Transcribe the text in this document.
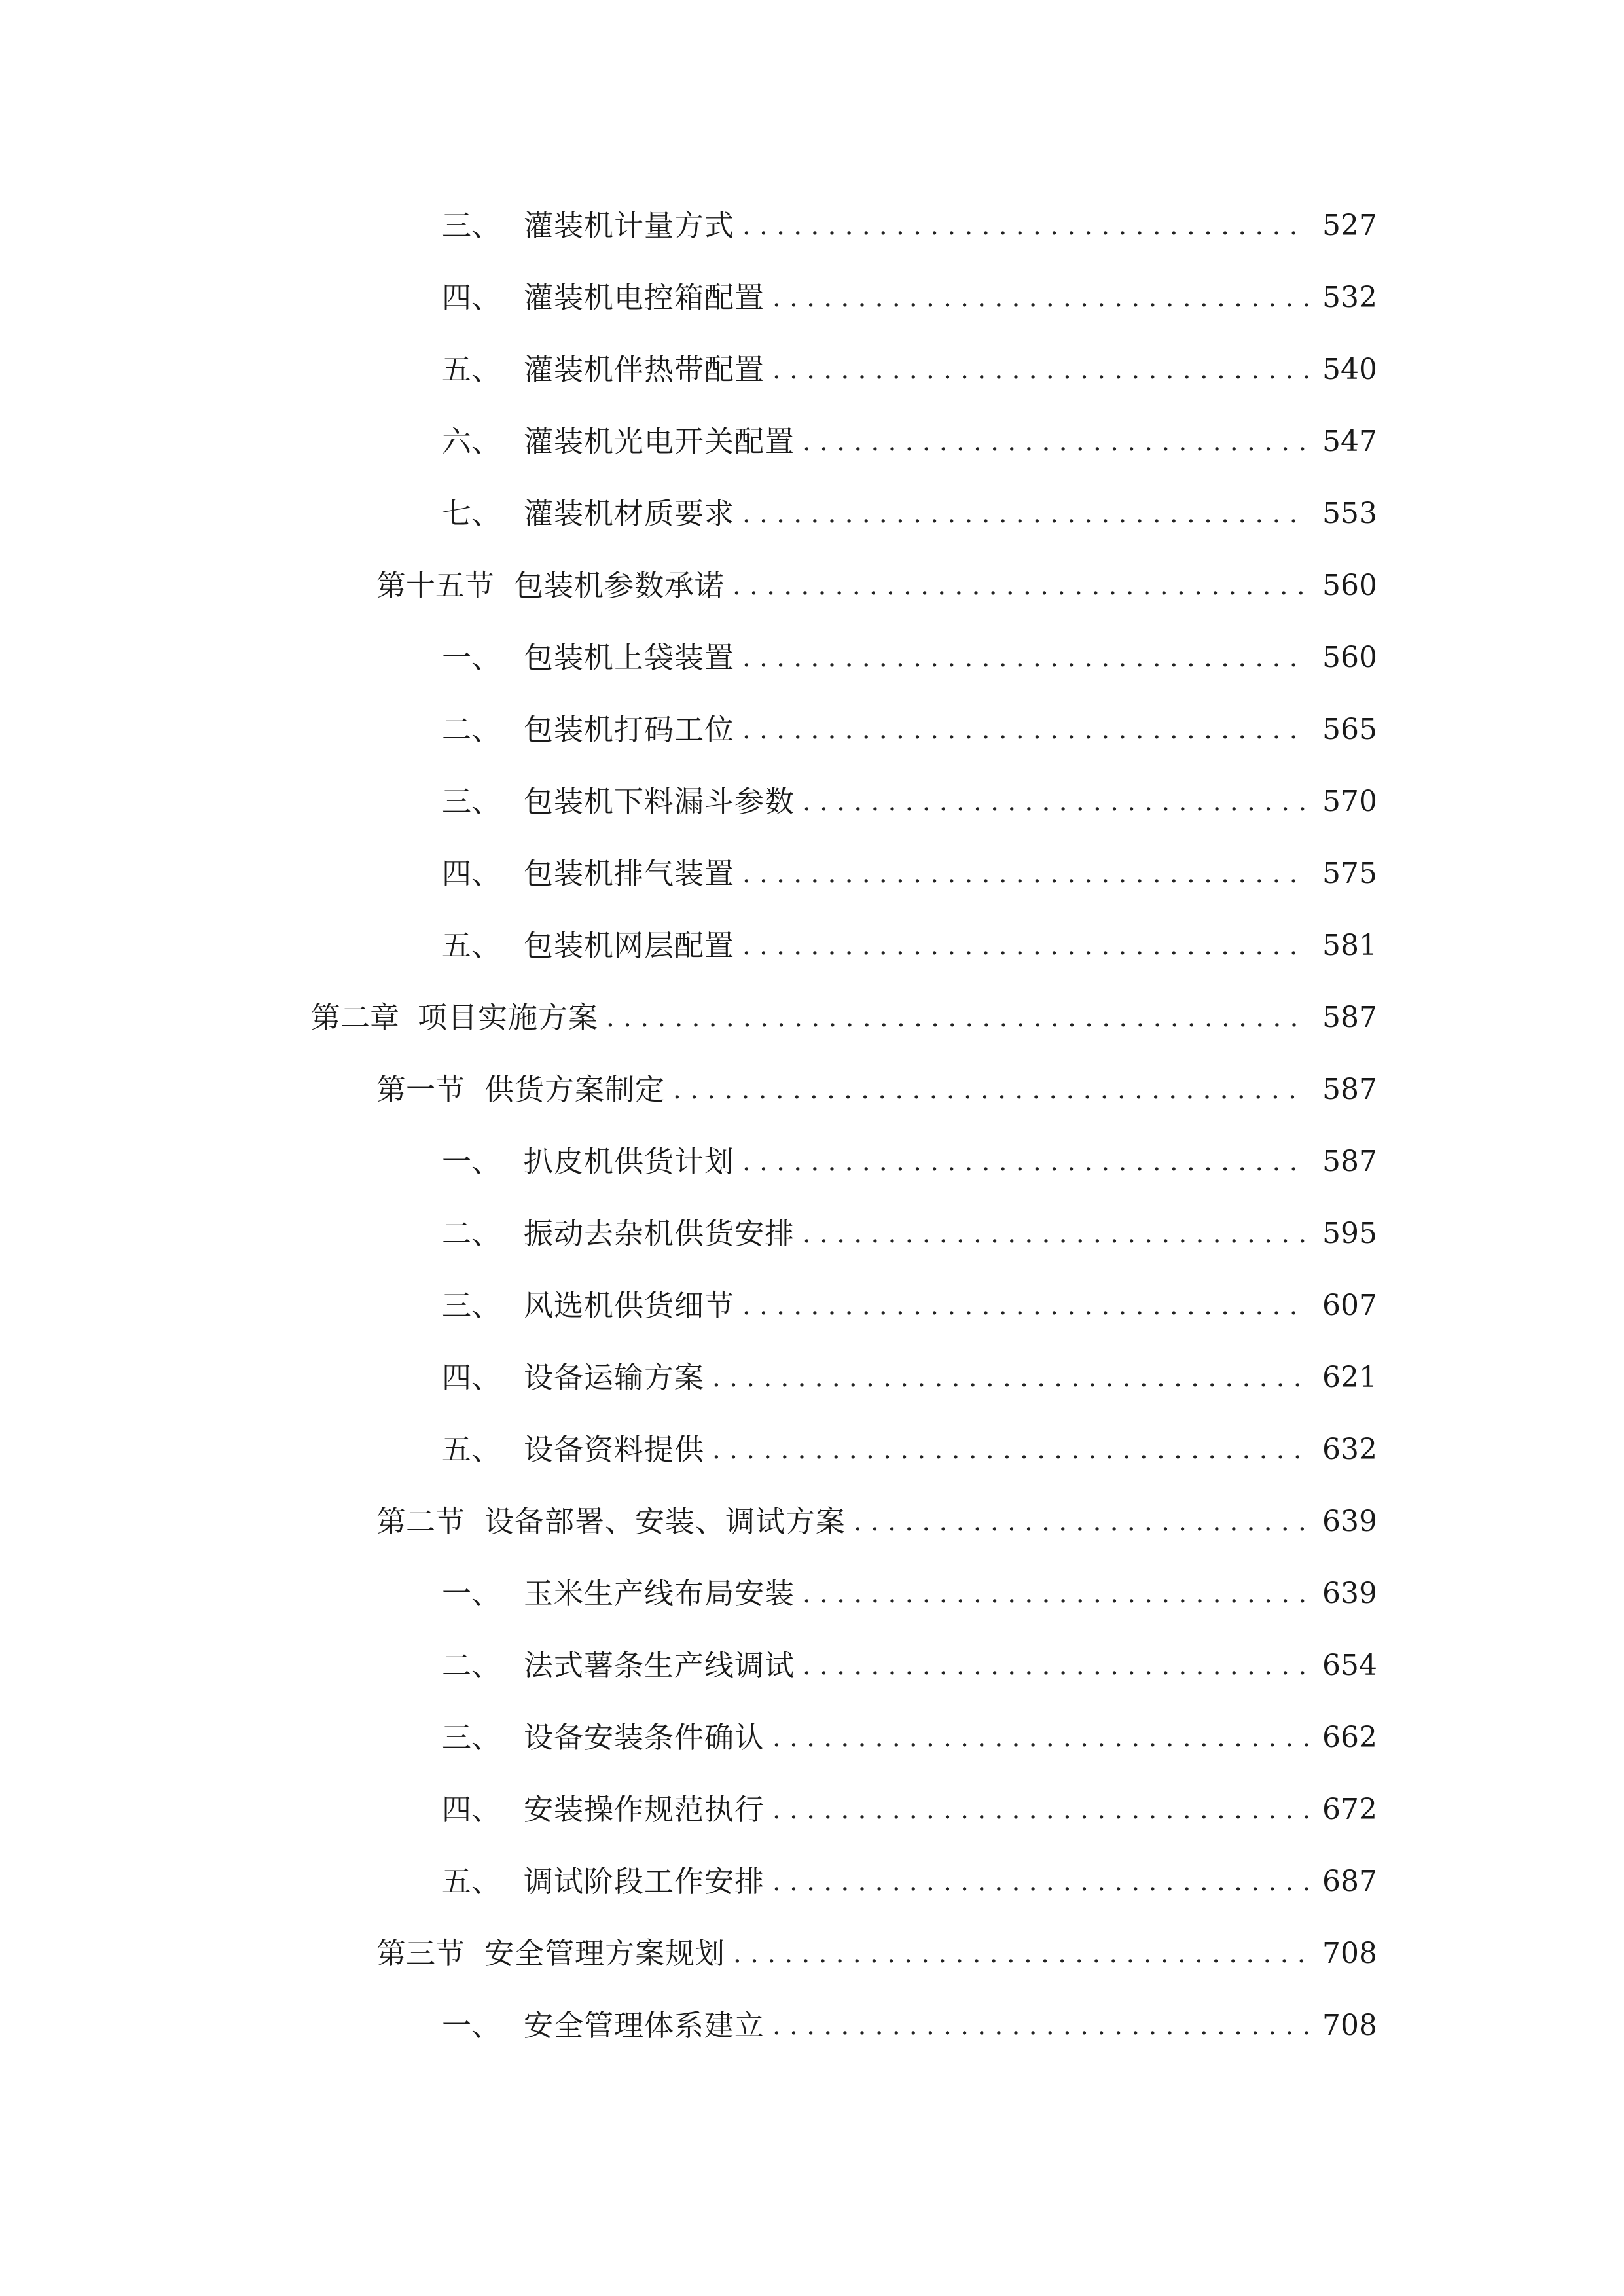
三、 灌装机计量方式 .....	527
四、 灌装机电控箱配置 .....	532
五、 灌装机伴热带配置 .....	540
六、 灌装机光电开关配置 .....	547
七、 灌装机材质要求 .....	553
第十五节 包装机参数承诺 .....	560
一、 包装机上袋装置 .....	560
二、 包装机打码工位 .....	565
三、 包装机下料漏斗参数 .....	570
四、 包装机排气装置 .....	575
五、 包装机网层配置 .....	581
第二章 项目实施方案 .....	587
第一节 供货方案制定 .....	587
一、 扒皮机供货计划 .....	587
二、 振动去杂机供货安排 .....	595
三、 风选机供货细节 .....	607
四、 设备运输方案 .....	621
五、 设备资料提供 .....	632
第二节 设备部署、安装、调试方案 .....	639
一、 玉米生产线布局安装 .....	639
二、 法式薯条生产线调试 .....	654
三、 设备安装条件确认 .....	662
四、 安装操作规范执行 .....	672
五、 调试阶段工作安排 .....	687
第三节 安全管理方案规划 .....	708
一、 安全管理体系建立 .....	708
